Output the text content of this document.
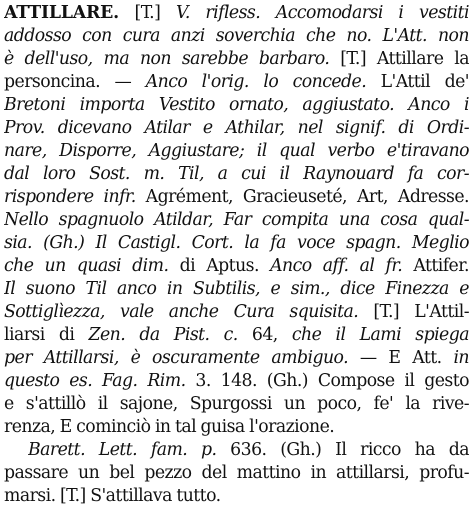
ATTILLARE. [T.] V. rifless. Accomodarsi i vestiti
addosso con cura anzi soverchia che no. L'Att. non
è dell'uso, ma non sarebbe barbaro. [T.] Attillare la
personcina. — Anco l'orig. lo concede. L'Attil de'
Bretoni importa Vestito ornato, aggiustato. Anco i
Prov. dicevano Atilar e Athilar, nel signif. di Ordi-
nare, Disporre, Aggiustare; il qual verbo e'tiravano
dal loro Sost. m. Til, a cui il Raynouard fa cor-
rispondere infr. Agrément, Gracieuseté, Art, Adresse.
Nello spagnuolo Atildar, Far compita una cosa qual-
sia. (Gh.) Il Castigl. Cort. la fa voce spagn. Meglio
che un quasi dim. di Aptus. Anco aff. al fr. Attifer.
Il suono Til anco in Subtilis, e sim., dice Finezza e
Sottiglìezza, vale anche Cura squisita. [T.] L'Attil-
liarsi di Zen. da Pist. c. 64, che il Lami spiega
per Attillarsi, è oscuramente ambiguo. — E Att. in
questo es. Fag. Rim. 3. 148. (Gh.) Compose il gesto
e s'attillò il sajone, Spurgossi un poco, fe' la rive-
renza, E cominciò in tal guisa l'orazione.
Barett. Lett. fam. p. 636. (Gh.) Il ricco ha da
passare un bel pezzo del mattino in attillarsi, profu-
marsi. [T.] S'attillava tutto.
